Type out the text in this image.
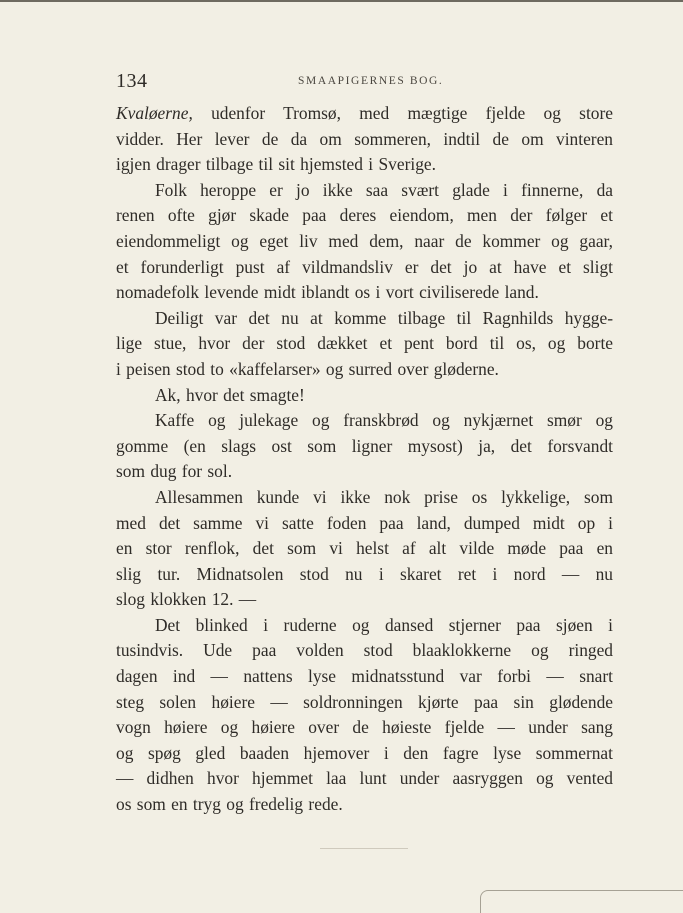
134	SMAAPIGERNES BOG.
Kvaløerne, udenfor Tromsø, med mægtige fjelde og store
vidder. Her lever de da om sommeren, indtil de om vinteren
igjen drager tilbage til sit hjemsted i Sverige.
Folk heroppe er jo ikke saa svært glade i finnerne, da
renen ofte gjør skade paa deres eiendom, men der følger et
eiendommeligt og eget liv med dem, naar de kommer og gaar,
et forunderligt pust af vildmandsliv er det jo at have et sligt
nomadefolk levende midt iblandt os i vort civiliserede land.
Deiligt var det nu at komme tilbage til Ragnhilds hygge-
lige stue, hvor der stod dækket et pent bord til os, og borte
i peisen stod to «kaffelarser» og surred over gløderne.
Ak, hvor det smagte!
Kaffe og julekage og franskbrød og nykjærnet smør og
gomme (en slags ost som ligner mysost) ja, det forsvandt
som dug for sol.
Allesammen kunde vi ikke nok prise os lykkelige, som
med det samme vi satte foden paa land, dumped midt op i
en stor renflok, det som vi helst af alt vilde møde paa en
slig tur. Midnatsolen stod nu i skaret ret i nord — nu
slog klokken 12. —
Det blinked i ruderne og dansed stjerner paa sjøen i
tusindvis. Ude paa volden stod blaaklokkerne og ringed
dagen ind — nattens lyse midnatsstund var forbi — snart
steg solen høiere — soldronningen kjørte paa sin glødende
vogn høiere og høiere over de høieste fjelde — under sang
og spøg gled baaden hjemover i den fagre lyse sommernat
— didhen hvor hjemmet laa lunt under aasryggen og vented
os som en tryg og fredelig rede.
